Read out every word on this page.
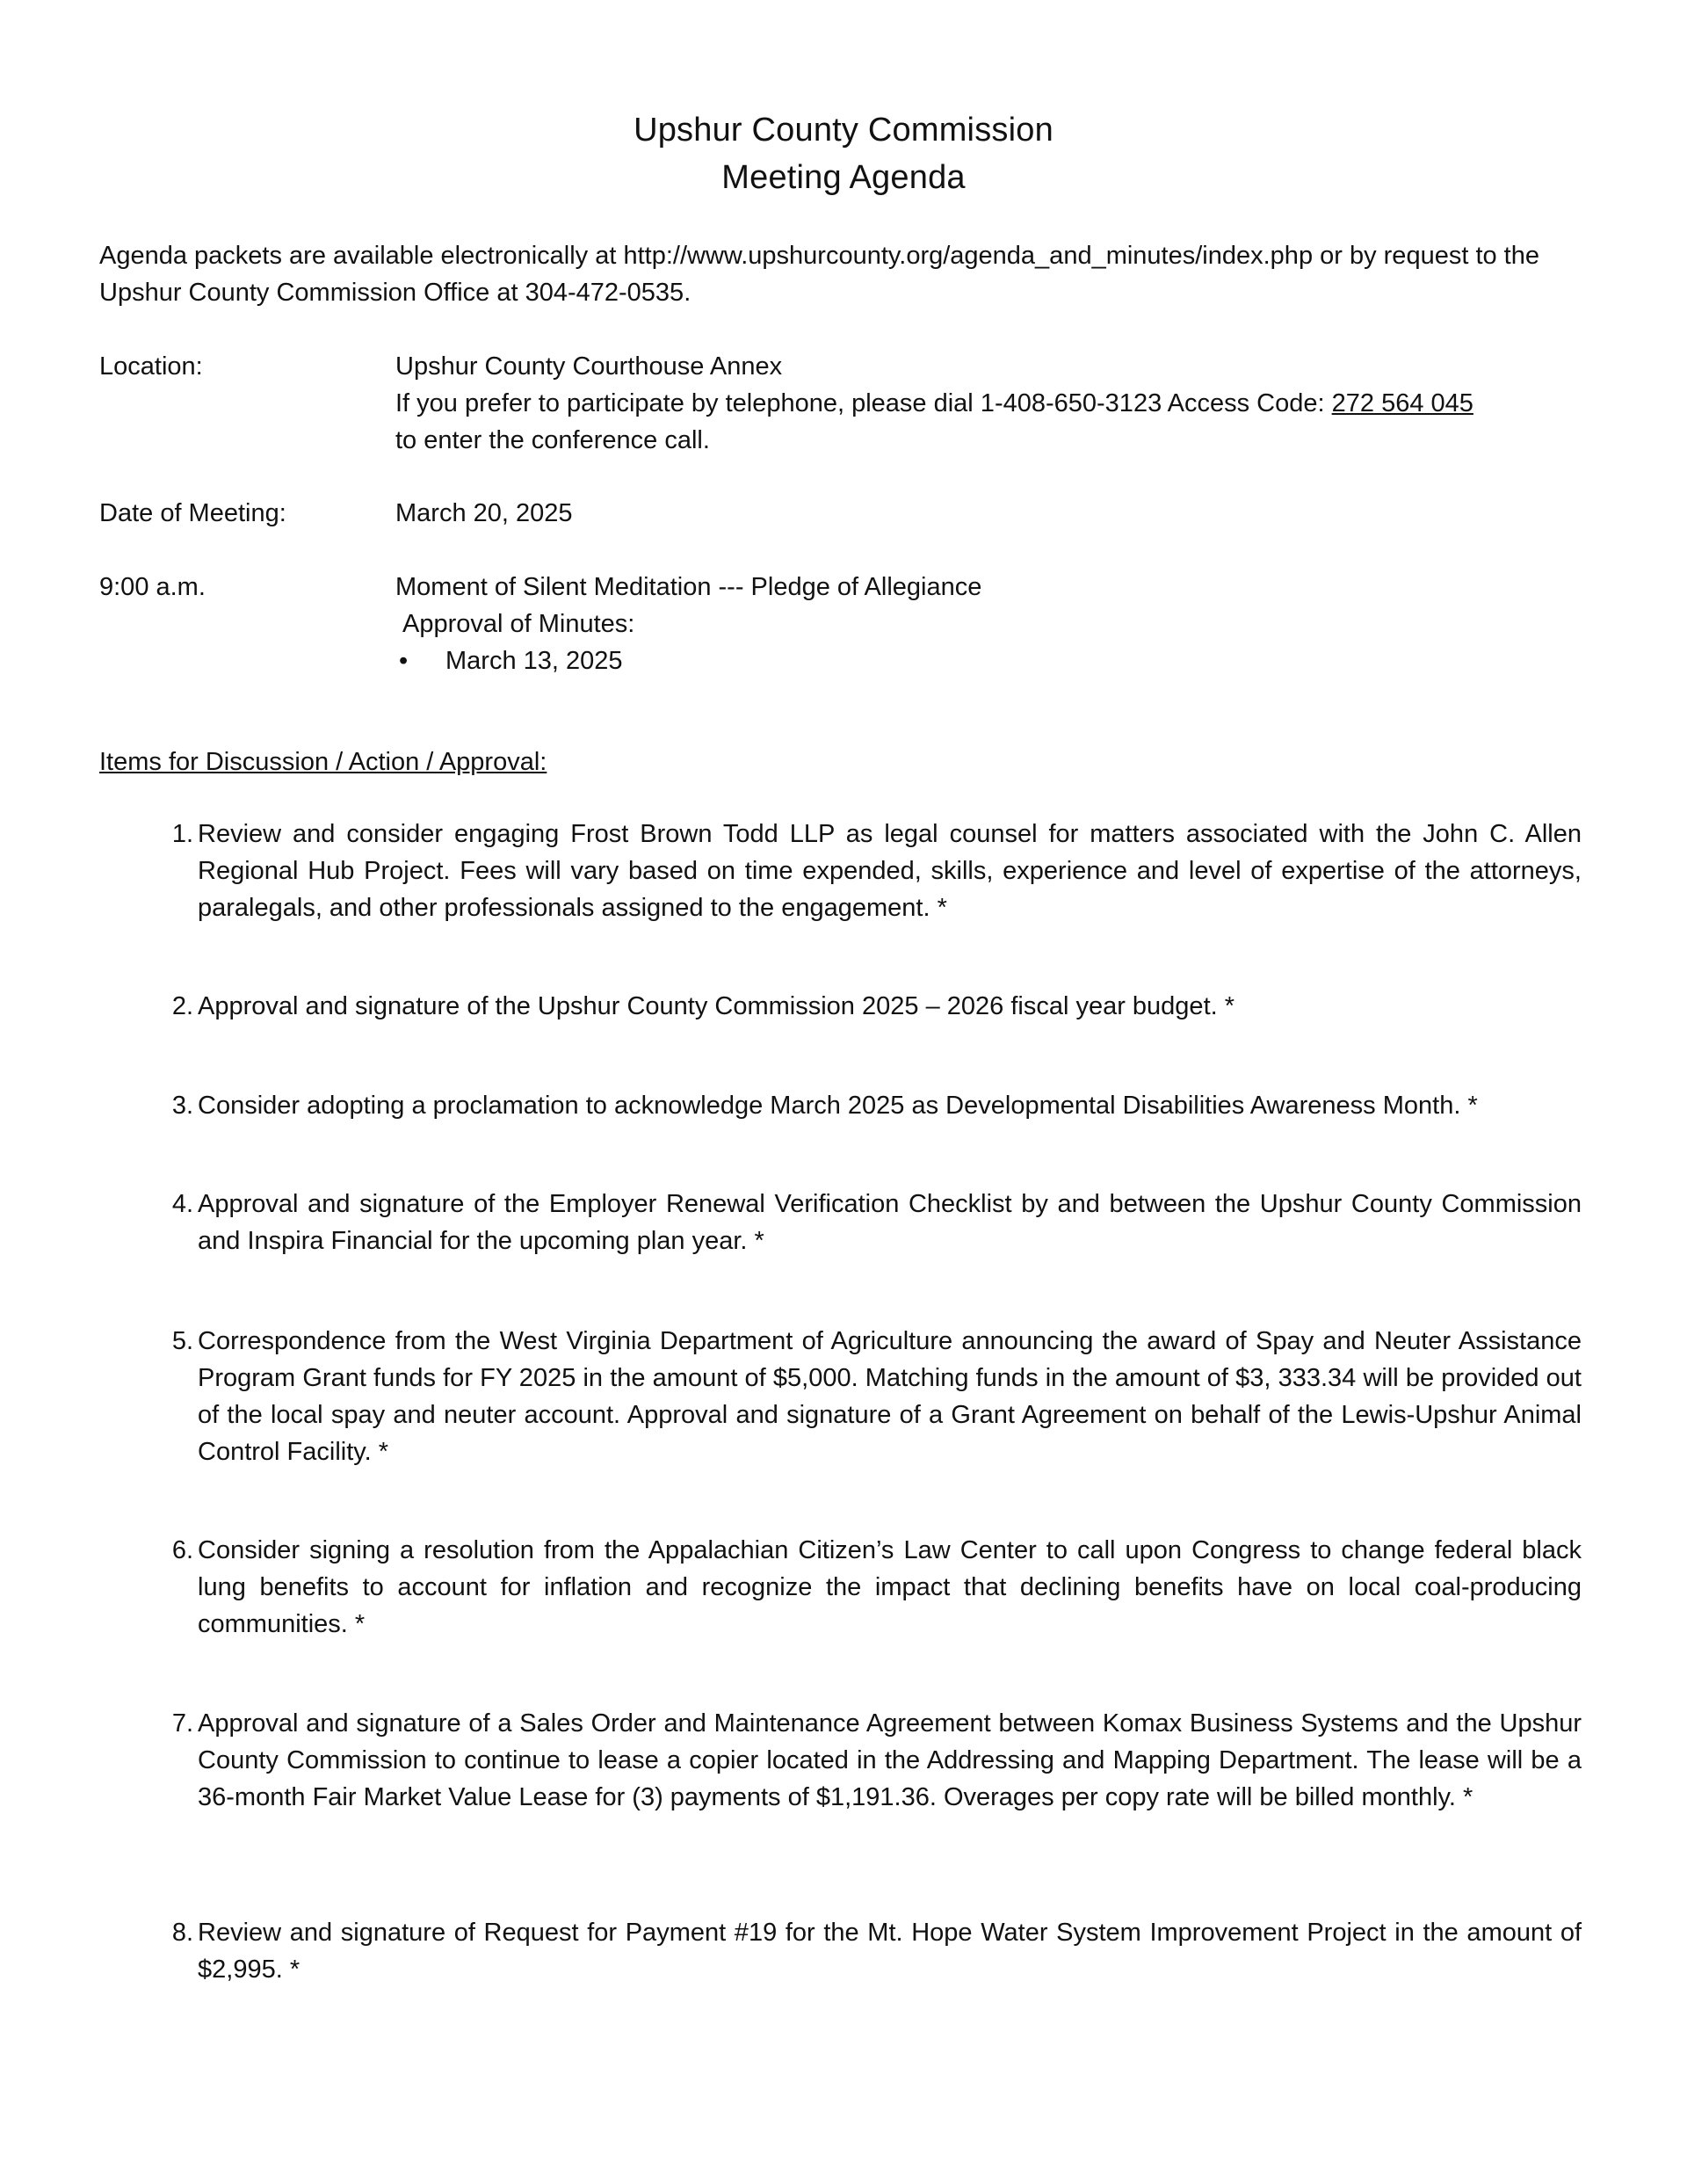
Upshur County Commission
Meeting Agenda
Agenda packets are available electronically at http://www.upshurcounty.org/agenda_and_minutes/index.php or by request to the Upshur County Commission Office at 304-472-0535.
Location:	Upshur County Courthouse Annex
If you prefer to participate by telephone, please dial 1-408-650-3123 Access Code: 272 564 045
to enter the conference call.
Date of Meeting:	March 20, 2025
9:00 a.m.	Moment of Silent Meditation --- Pledge of Allegiance
Approval of Minutes:
• March 13, 2025
Items for Discussion / Action / Approval:
1. Review and consider engaging Frost Brown Todd LLP as legal counsel for matters associated with the John C. Allen Regional Hub Project. Fees will vary based on time expended, skills, experience and level of expertise of the attorneys, paralegals, and other professionals assigned to the engagement. *
2. Approval and signature of the Upshur County Commission 2025 – 2026 fiscal year budget. *
3. Consider adopting a proclamation to acknowledge March 2025 as Developmental Disabilities Awareness Month. *
4. Approval and signature of the Employer Renewal Verification Checklist by and between the Upshur County Commission and Inspira Financial for the upcoming plan year. *
5. Correspondence from the West Virginia Department of Agriculture announcing the award of Spay and Neuter Assistance Program Grant funds for FY 2025 in the amount of $5,000. Matching funds in the amount of $3, 333.34 will be provided out of the local spay and neuter account. Approval and signature of a Grant Agreement on behalf of the Lewis-Upshur Animal Control Facility. *
6. Consider signing a resolution from the Appalachian Citizen’s Law Center to call upon Congress to change federal black lung benefits to account for inflation and recognize the impact that declining benefits have on local coal-producing communities. *
7. Approval and signature of a Sales Order and Maintenance Agreement between Komax Business Systems and the Upshur County Commission to continue to lease a copier located in the Addressing and Mapping Department. The lease will be a 36-month Fair Market Value Lease for (3) payments of $1,191.36. Overages per copy rate will be billed monthly. *
8. Review and signature of Request for Payment #19 for the Mt. Hope Water System Improvement Project in the amount of $2,995. *
